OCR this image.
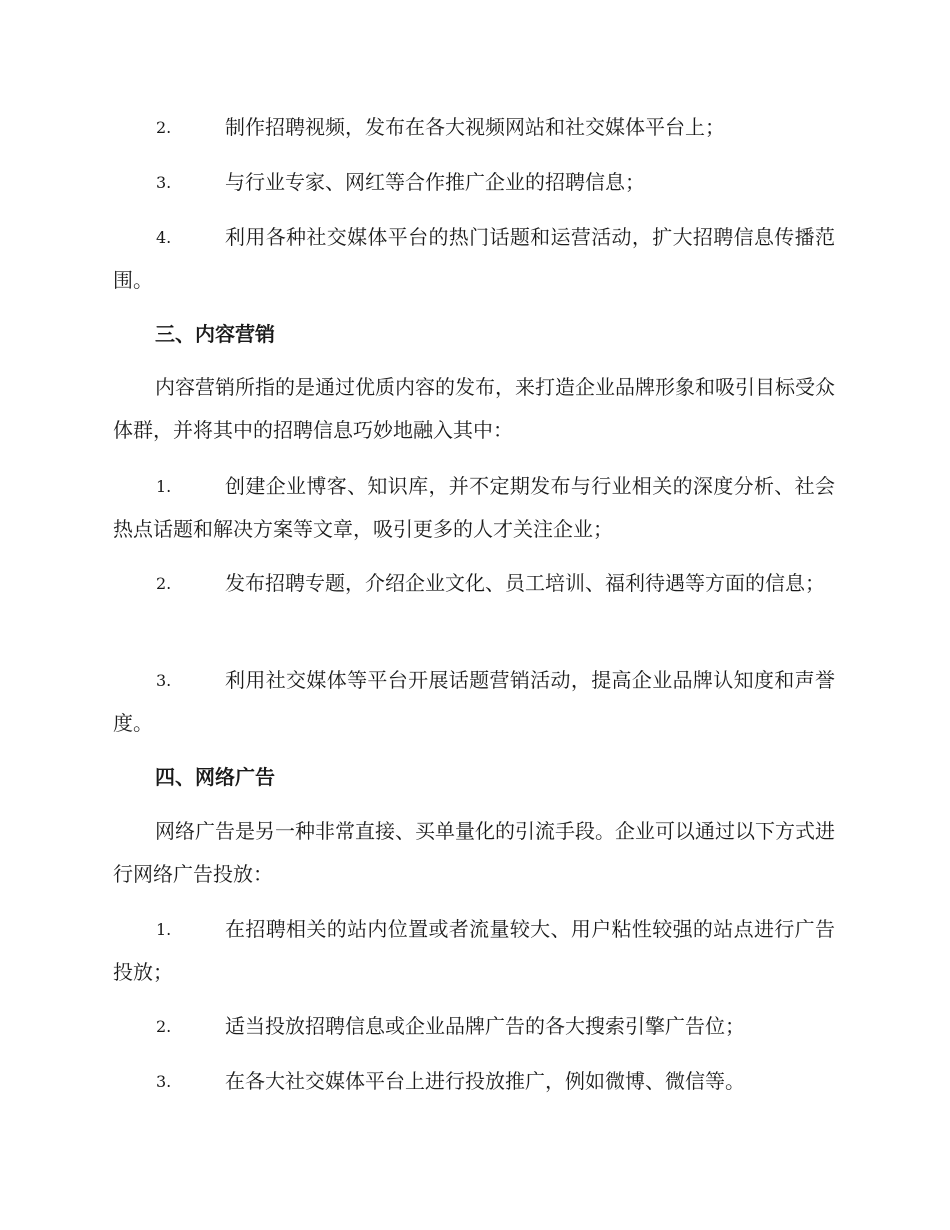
2.	制作招聘视频，发布在各大视频网站和社交媒体平台上；
3.	与行业专家、网红等合作推广企业的招聘信息；
4.	利用各种社交媒体平台的热门话题和运营活动，扩大招聘信息传播范围。
三、内容营销
内容营销所指的是通过优质内容的发布，来打造企业品牌形象和吸引目标受众体群，并将其中的招聘信息巧妙地融入其中：
1.	创建企业博客、知识库，并不定期发布与行业相关的深度分析、社会热点话题和解决方案等文章，吸引更多的人才关注企业；
2.	发布招聘专题，介绍企业文化、员工培训、福利待遇等方面的信息；
3.	利用社交媒体等平台开展话题营销活动，提高企业品牌认知度和声誉度。
四、网络广告
网络广告是另一种非常直接、买单量化的引流手段。企业可以通过以下方式进行网络广告投放：
1.	在招聘相关的站内位置或者流量较大、用户粘性较强的站点进行广告投放；
2.	适当投放招聘信息或企业品牌广告的各大搜索引擎广告位；
3.	在各大社交媒体平台上进行投放推广，例如微博、微信等。
